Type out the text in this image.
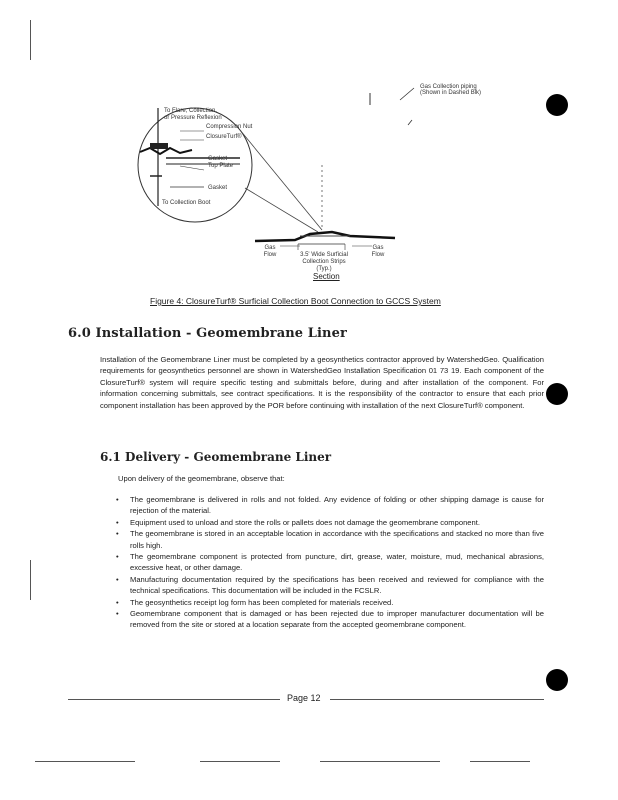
Gas Collection piping
(Shown in Dashed Blk)
To Flare, Collection,
or Pressure Reflexion
Compression Nut
ClosureTurf®
Gasket
Top Plate
Gasket
To Collection Boot
Gas Flow
Gas Flow
3.5' Wide Surficial Collection Strips (Typ.)
Section
Figure 4: ClosureTurf® Surficial Collection Boot Connection to GCCS System
6.0 Installation - Geomembrane Liner
Installation of the Geomembrane Liner must be completed by a geosynthetics contractor approved by WatershedGeo. Qualification requirements for geosynthetics personnel are shown in WatershedGeo Installation Specification 01 73 19. Each component of the ClosureTurf® system will require specific testing and submittals before, during and after installation of the component. For information concerning submittals, see contract specifications. It is the responsibility of the contractor to ensure that each prior component installation has been approved by the POR before continuing with installation of the next ClosureTurf® component.
6.1 Delivery - Geomembrane Liner
Upon delivery of the geomembrane, observe that:
• The geomembrane is delivered in rolls and not folded. Any evidence of folding or other shipping damage is cause for rejection of the material.
• Equipment used to unload and store the rolls or pallets does not damage the geomembrane component.
• The geomembrane is stored in an acceptable location in accordance with the specifications and stacked no more than five rolls high.
• The geomembrane component is protected from puncture, dirt, grease, water, moisture, mud, mechanical abrasions, excessive heat, or other damage.
• Manufacturing documentation required by the specifications has been received and reviewed for compliance with the technical specifications. This documentation will be included in the FCSLR.
• The geosynthetics receipt log form has been completed for materials received.
• Geomembrane component that is damaged or has been rejected due to improper manufacturer documentation will be removed from the site or stored at a location separate from the accepted geomembrane component.
Page 12
